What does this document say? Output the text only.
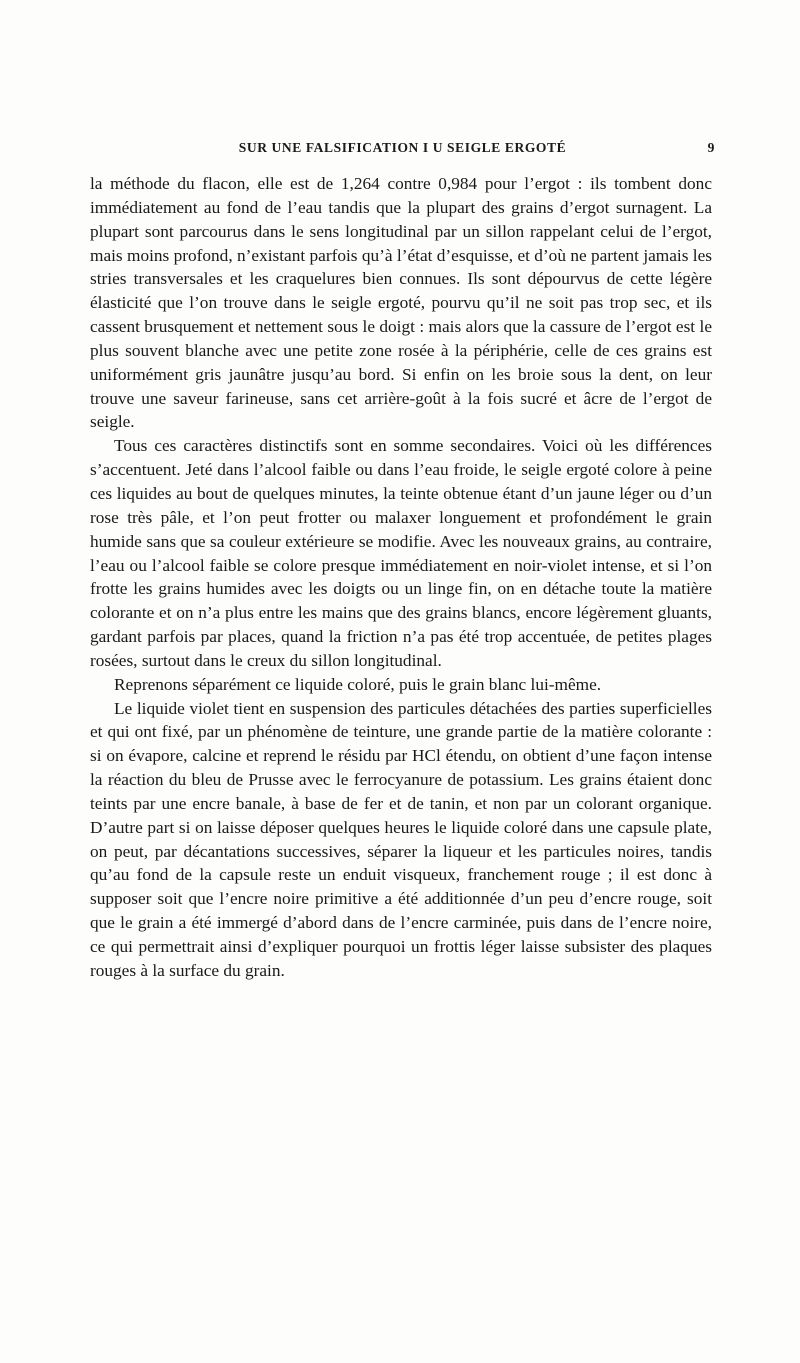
SUR UNE FALSIFICATION I U SEIGLE ERGOTÉ	9

la méthode du flacon, elle est de 1,264 contre 0,984 pour l’ergot : ils tombent donc immédiatement au fond de l’eau tandis que la plupart des grains d’ergot surnagent. La plupart sont parcourus dans le sens longitudinal par un sillon rappelant celui de l’ergot, mais moins profond, n’existant parfois qu’à l’état d’esquisse, et d’où ne partent jamais les stries transversales et les craquelures bien connues. Ils sont dépourvus de cette légère élasticité que l’on trouve dans le seigle ergoté, pourvu qu’il ne soit pas trop sec, et ils cassent brusquement et nettement sous le doigt : mais alors que la cassure de l’ergot est le plus souvent blanche avec une petite zone rosée à la périphérie, celle de ces grains est uniformément gris jaunâtre jusqu’au bord. Si enfin on les broie sous la dent, on leur trouve une saveur farineuse, sans cet arrière-goût à la fois sucré et âcre de l’ergot de seigle.

Tous ces caractères distinctifs sont en somme secondaires. Voici où les différences s’accentuent. Jeté dans l’alcool faible ou dans l’eau froide, le seigle ergoté colore à peine ces liquides au bout de quelques minutes, la teinte obtenue étant d’un jaune léger ou d’un rose très pâle, et l’on peut frotter ou malaxer longuement et profondément le grain humide sans que sa couleur extérieure se modifie. Avec les nouveaux grains, au contraire, l’eau ou l’alcool faible se colore presque immédiatement en noir-violet intense, et si l’on frotte les grains humides avec les doigts ou un linge fin, on en détache toute la matière colorante et on n’a plus entre les mains que des grains blancs, encore légèrement gluants, gardant parfois par places, quand la friction n’a pas été trop accentuée, de petites plages rosées, surtout dans le creux du sillon longitudinal.

Reprenons séparément ce liquide coloré, puis le grain blanc lui-même.

Le liquide violet tient en suspension des particules détachées des parties superficielles et qui ont fixé, par un phénomène de teinture, une grande partie de la matière colorante : si on évapore, calcine et reprend le résidu par HCl étendu, on obtient d’une façon intense la réaction du bleu de Prusse avec le ferrocyanure de potassium. Les grains étaient donc teints par une encre banale, à base de fer et de tanin, et non par un colorant organique. D’autre part si on laisse déposer quelques heures le liquide coloré dans une capsule plate, on peut, par décantations successives, séparer la liqueur et les particules noires, tandis qu’au fond de la capsule reste un enduit visqueux, franchement rouge ; il est donc à supposer soit que l’encre noire primitive a été additionnée d’un peu d’encre rouge, soit que le grain a été immergé d’abord dans de l’encre carminée, puis dans de l’encre noire, ce qui permettrait ainsi d’expliquer pourquoi un frottis léger laisse subsister des plaques rouges à la surface du grain.
